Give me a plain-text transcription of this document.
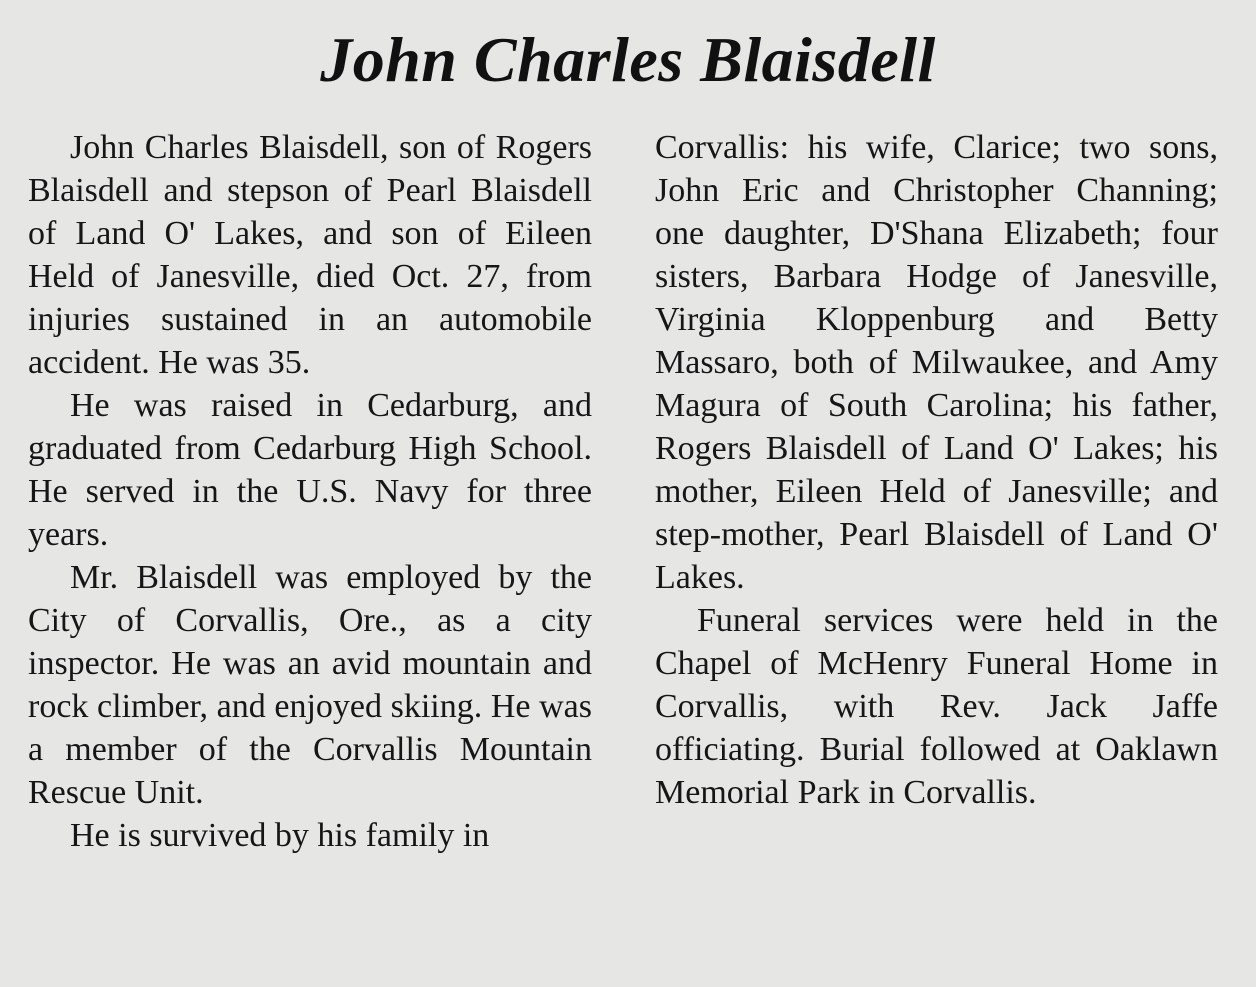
John Charles Blaisdell

John Charles Blaisdell, son of Rogers Blaisdell and stepson of Pearl Blaisdell of Land O' Lakes, and son of Eileen Held of Janesville, died Oct. 27, from injuries sustained in an automobile accident. He was 35.

He was raised in Cedarburg, and graduated from Cedarburg High School. He served in the U.S. Navy for three years.

Mr. Blaisdell was employed by the City of Corvallis, Ore., as a city inspector. He was an avid mountain and rock climber, and enjoyed skiing. He was a member of the Corvallis Mountain Rescue Unit.

He is survived by his family in

Corvallis: his wife, Clarice; two sons, John Eric and Christopher Channing; one daughter, D'Shana Elizabeth; four sisters, Barbara Hodge of Janesville, Virginia Kloppenburg and Betty Massaro, both of Milwaukee, and Amy Magura of South Carolina; his father, Rogers Blaisdell of Land O' Lakes; his mother, Eileen Held of Janesville; and step-mother, Pearl Blaisdell of Land O' Lakes.

Funeral services were held in the Chapel of McHenry Funeral Home in Corvallis, with Rev. Jack Jaffe officiating. Burial followed at Oaklawn Memorial Park in Corvallis.
